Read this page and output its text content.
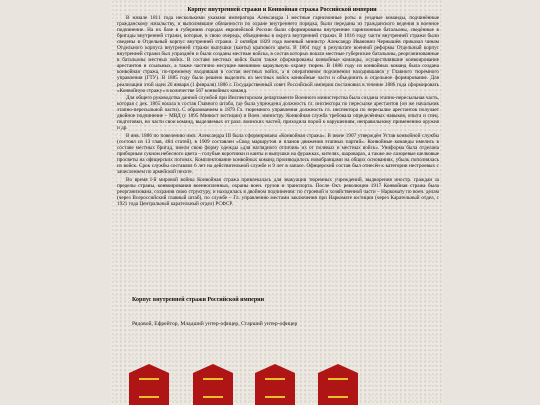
Корпус внутренней стражи и Конвойная стража Российской империи

В начале 1811 года несколькими указами императора Александра I местные гарнизонные роты и уездные команды, подчинённые гражданскому начальству, и выполнявшие обязанности по охране внутреннего порядка, были переданы из гражданского ведения в военное подчинение. На их базе в губерниях городах европейской России были сформированы внутренние гарнизонные батальоны, сведённые в бригады внутренней стражи, которые, в свою очередь, объединены в округа внутренней стражи. В 1816 году части внутренней стражи были сведены в Отдельный корпус внутренней стражи. 2 октября 1829 года военный министр Александр Иванович Чернышёв приказал чинам Отдельного корпуса внутренней стражи выпушки (канты) крапового цвета. В 1864 году в результате военной реформы Отдельный корпус внутренней стражи был упразднён и были созданы местные войска, в состав которых вошли местные губернские батальоны, реорганизованные в батальоны местных войск. В составе местных войск были также сформированы конвойные команды, осуществлявшие конвоирование арестантов и ссыльных, а также частично несущие внешнюю караульную охрану тюрем. В 1886 году из конвойных команд была создана конвойная стража, по-прежнему входившая в состав местных войск, а в оперативном подчинении находившаяся у Главного тюремного управления (ГТУ). В 1885 году было решено выделить из местных войск конвойные части и объединить в отдельное формирование. Для реализации этой идеи 20 января (1 февраля) 1886 г. Государственный совет Российской империи постановил в течение 1886 года сформировать «Конвойную стражу» в количестве 567 конвойных команд.

Для общего руководства данной службой при Инспекторском департаменте Военного министерства была создана этапно-пересыльная часть, которая с дек. 1865 вошла в состав Главного штаба, где была учреждена должность гл. инспектора по пересылке арестантов (он же начальник этапно-пересыльной части). С образованием в 1879 Гл. тюремного управления должность гл. инспектора по пересылке арестантов получает двойное подчинение – МВД (с 1895 Минюст юстиции) и Воен. министру. Конвойная служба требовала определённых навыков, опыта и спец. подготовки, но части свои команд, выделяемых от разл. воинских частей, приходила порой к нарушениям, неправильному применению оружия и др.

В янв. 1886 по повелению имп. Александра III была сформирована «Конвойная стража». В июне 1907 утверждён Устав конвойной службы (состоял из 13 глав, 484 статей), в 1909 составлен «Свод маршрутов и планов движения этапных партий». Конвойные команды имелись в составе местных бригад, имели свою форму одежды «для наглядного отличия» их от полевых и местных войск». Униформа была отделана приборным сукном небесного цвета – голубые воротники и канты и выпушки на фуражках, кителях, шароварах, а также же лазоревые шелковые просветы на офицерских погонах. Комплектование конвойных команд производилось новобранцами на общих основаниях, убыль пополнялась из войск. Срок службы составлял 6 лет на действительной службе и 9 лет в запасе. Офицерский состав был отнесён к категории нестроевых с зачислением по армейской пехоте.

Во время I-й мировой войны Конвойная стража привлекалась для эвакуации тюремных учреждений, выдворения иностр. граждан за пределы страны, конвоирования военнопленных, охраны воен. грузов и транспорта. После Окт. революции 1917 Конвойная стража была реорганизована, сохранив свою структуру, и находилась в двойном подчинении: по строевой и хозяйственной части – Наркомату по воен. делам (через Всероссийский главный штаб), по службе – Гл. управлению местами заключения при Наркомате юстиции (через Карательный отдел, с 1921 года Центральный карательный отдел) РСФСР.

Корпус внутренней стражи Российской империи
Рядовой, Ефрейтор, Младший унтер-офицер, Старший унтер-офицер
